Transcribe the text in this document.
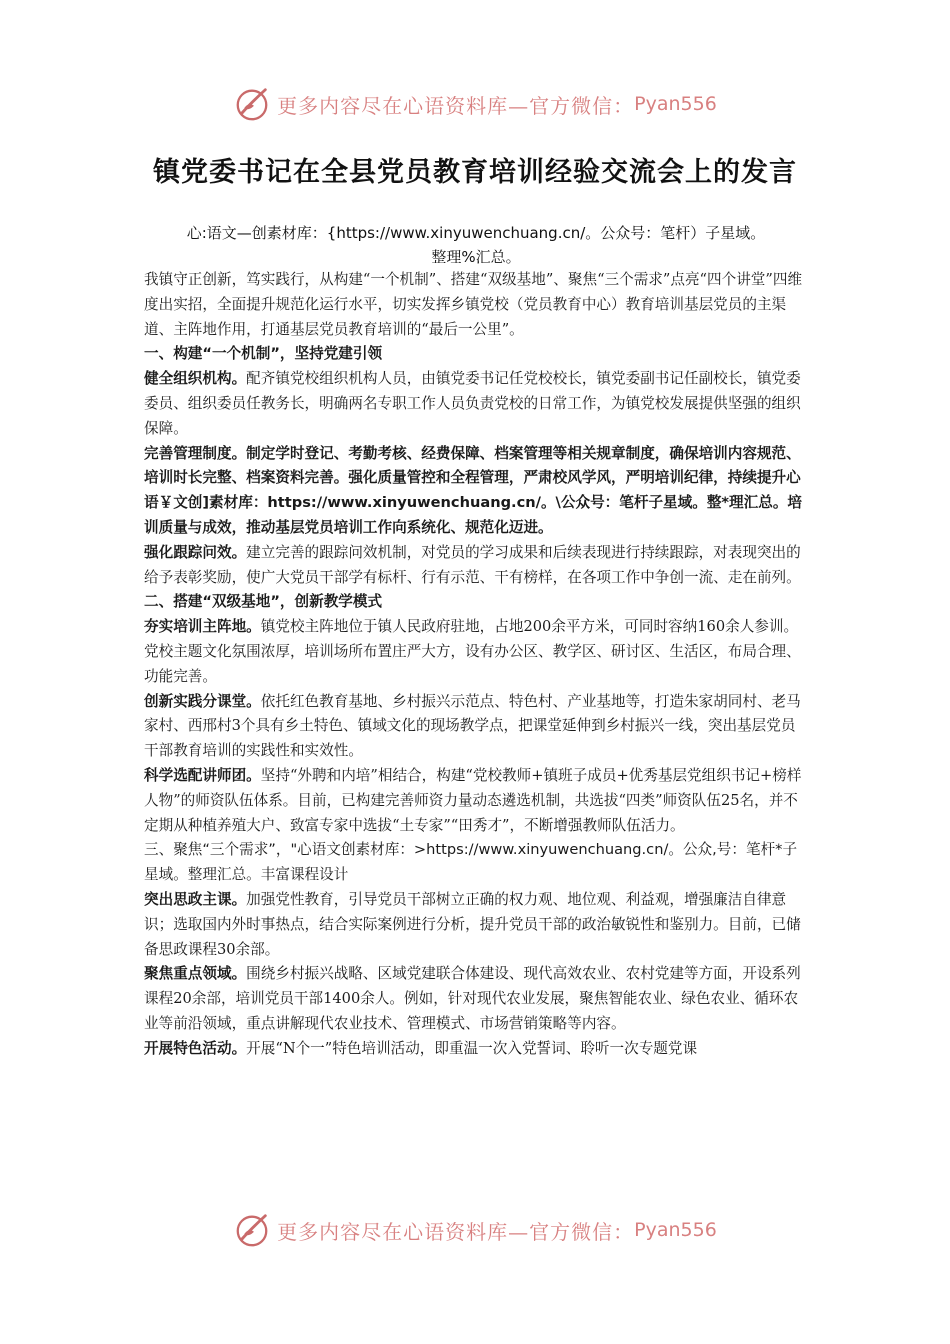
更多内容尽在心语资料库—官方微信： Pyan556
镇党委书记在全县党员教育培训经验交流会上的发言
心:语文—创素材库：{https://www.xinyuwenchuang.cn/。公众号：笔杆）子星域。
整理%汇总。

我镇守正创新，笃实践行，从构建“一个机制”、搭建“双级基地”、聚焦“三个需求”点亮“四个讲堂”四维度出实招，全面提升规范化运行水平，切实发挥乡镇党校（党员教育中心）教育培训基层党员的主渠道、主阵地作用，打通基层党员教育培训的“最后一公里”。

一、构建“一个机制”，坚持党建引领

健全组织机构。配齐镇党校组织机构人员，由镇党委书记任党校校长，镇党委副书记任副校长，镇党委委员、组织委员任教务长，明确两名专职工作人员负责党校的日常工作，为镇党校发展提供坚强的组织保障。

完善管理制度。制定学时登记、考勤考核、经费保障、档案管理等相关规章制度，确保培训内容规范、培训时长完整、档案资料完善。强化质量管控和全程管理，严肃校风学风，严明培训纪律，持续提升心语￥文创]素材库：https://www.xinyuwenchuang.cn/。\公众号：笔杆子星域。整*理汇总。培训质量与成效，推动基层党员培训工作向系统化、规范化迈进。

强化跟踪问效。建立完善的跟踪问效机制，对党员的学习成果和后续表现进行持续跟踪，对表现突出的给予表彰奖励，使广大党员干部学有标杆、行有示范、干有榜样，在各项工作中争创一流、走在前列。

二、搭建“双级基地”，创新教学模式

夯实培训主阵地。镇党校主阵地位于镇人民政府驻地，占地200余平方米，可同时容纳160余人参训。党校主题文化氛围浓厚，培训场所布置庄严大方，设有办公区、教学区、研讨区、生活区，布局合理、功能完善。

创新实践分课堂。依托红色教育基地、乡村振兴示范点、特色村、产业基地等，打造朱家胡同村、老马家村、西邢村3个具有乡土特色、镇域文化的现场教学点，把课堂延伸到乡村振兴一线，突出基层党员干部教育培训的实践性和实效性。

科学选配讲师团。坚持“外聘和内培”相结合，构建“党校教师+镇班子成员+优秀基层党组织书记+榜样人物”的师资队伍体系。目前，已构建完善师资力量动态遴选机制，共选拔“四类”师资队伍25名，并不定期从种植养殖大户、致富专家中选拔“土专家”“田秀才”，不断增强教师队伍活力。

三、聚焦“三个需求”，"心语文创素材库：>https://www.xinyuwenchuang.cn/。公众,号：笔杆*子星域。整理汇总。丰富课程设计

突出思政主课。加强党性教育，引导党员干部树立正确的权力观、地位观、利益观，增强廉洁自律意识；选取国内外时事热点，结合实际案例进行分析，提升党员干部的政治敏锐性和鉴别力。目前，已储备思政课程30余部。

聚焦重点领域。围绕乡村振兴战略、区域党建联合体建设、现代高效农业、农村党建等方面，开设系列课程20余部，培训党员干部1400余人。例如，针对现代农业发展，聚焦智能农业、绿色农业、循环农业等前沿领域，重点讲解现代农业技术、管理模式、市场营销策略等内容。

开展特色活动。开展“N个一”特色培训活动，即重温一次入党誓词、聆听一次专题党课

更多内容尽在心语资料库—官方微信： Pyan556
